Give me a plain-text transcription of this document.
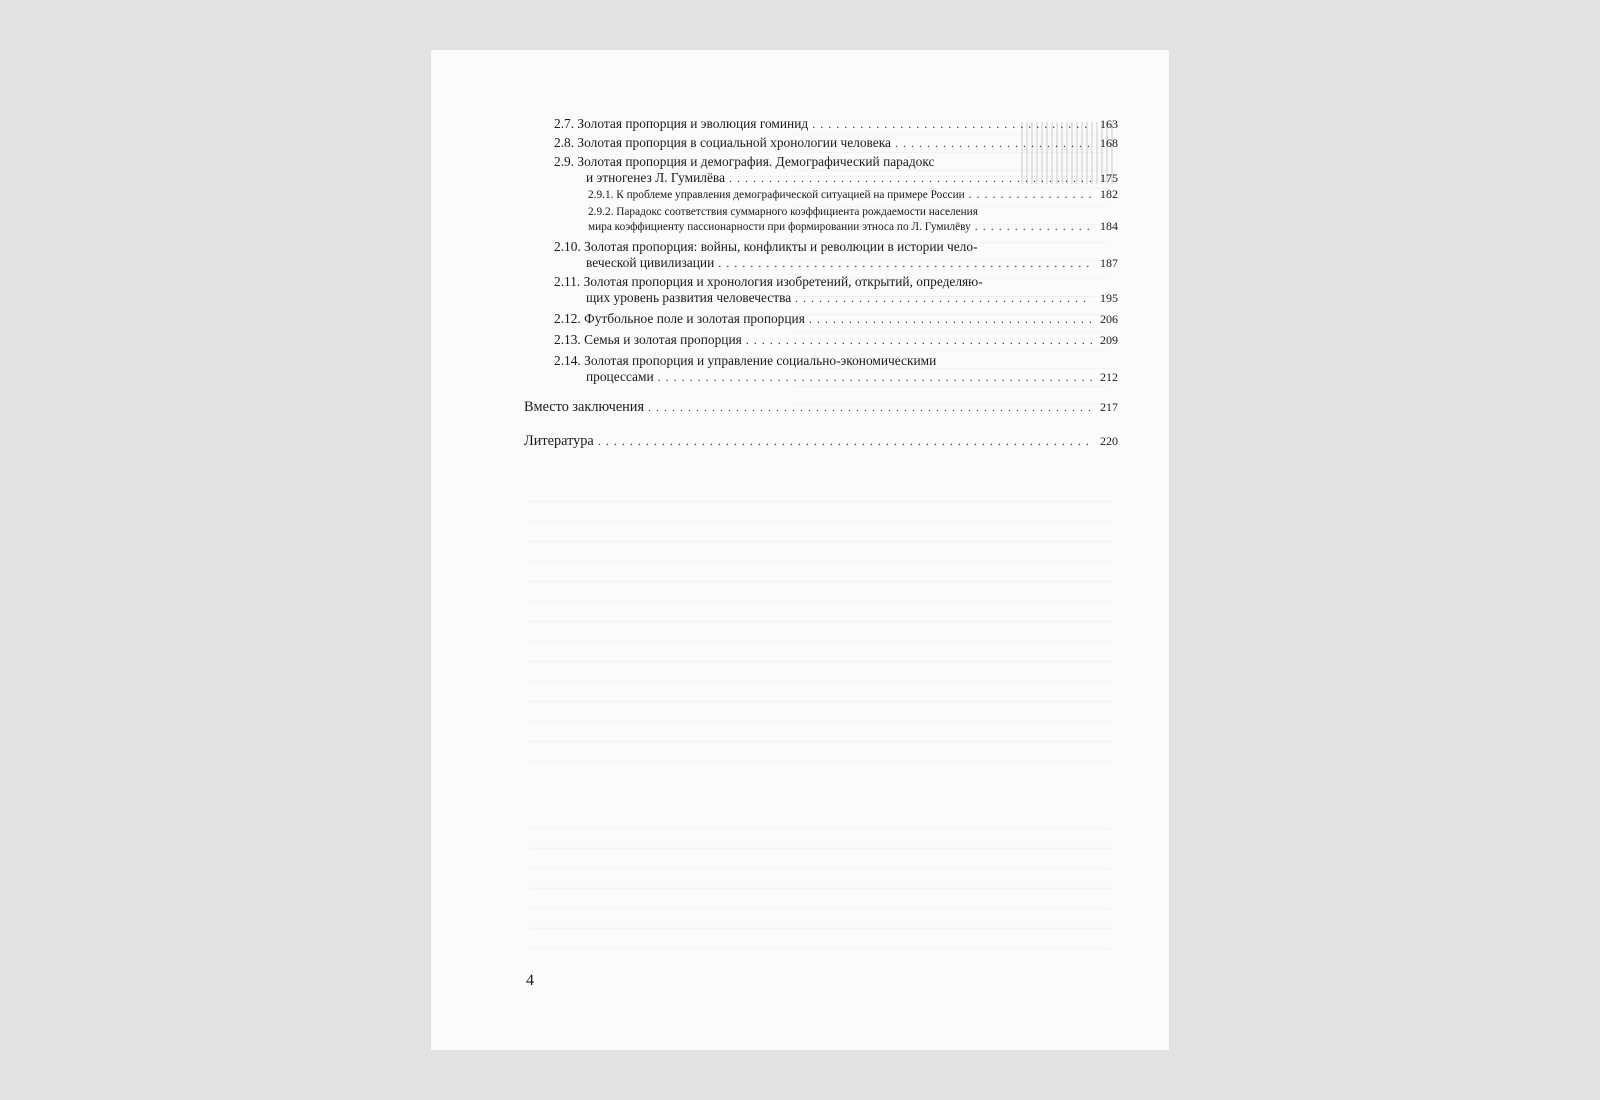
2.7. Золотая пропорция и эволюция гоминид . . .	163
2.8. Золотая пропорция в социальной хронологии человека . . .	168
2.9. Золотая пропорция и демография. Демографический парадокс
и этногенез Л. Гумилёва . . .	175
2.9.1. К проблеме управления демографической ситуацией на примере России . . .	182
2.9.2. Парадокс соответствия суммарного коэффициента рождаемости населения
мира коэффициенту пассионарности при формировании этноса по Л. Гумилёву . . .	184
2.10. Золотая пропорция: войны, конфликты и революции в истории чело-
веческой цивилизации . . .	187
2.11. Золотая пропорция и хронология изобретений, открытий, определяю-
щих уровень развития человечества . . .	195
2.12. Футбольное поле и золотая пропорция . . .	206
2.13. Семья и золотая пропорция . . .	209
2.14. Золотая пропорция и управление социально-экономическими
процессами . . .	212
Вместо заключения . . .	217
Литература . . .	220
4
